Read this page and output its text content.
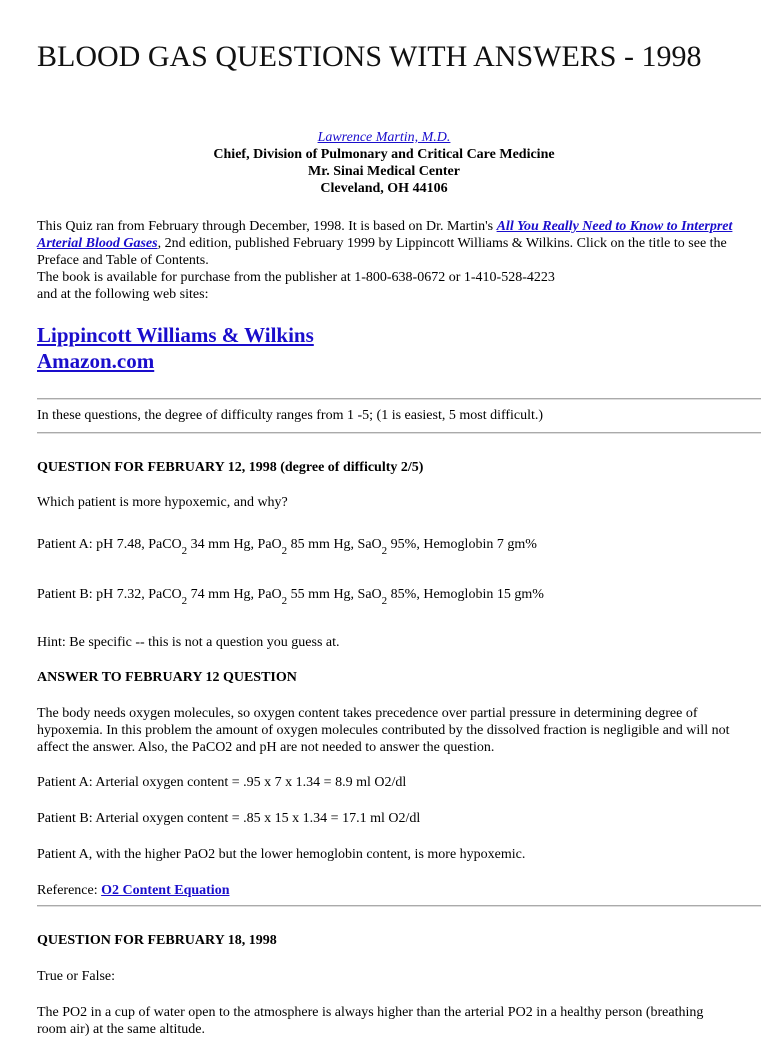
BLOOD GAS QUESTIONS WITH ANSWERS - 1998
Lawrence Martin, M.D.
Chief, Division of Pulmonary and Critical Care Medicine
Mr. Sinai Medical Center
Cleveland, OH 44106
This Quiz ran from February through December, 1998. It is based on Dr. Martin's All You Really Need to Know to Interpret Arterial Blood Gases, 2nd edition, published February 1999 by Lippincott Williams & Wilkins. Click on the title to see the Preface and Table of Contents.
The book is available for purchase from the publisher at 1-800-638-0672 or 1-410-528-4223
and at the following web sites:
Lippincott Williams & Wilkins
Amazon.com
In these questions, the degree of difficulty ranges from 1 -5; (1 is easiest, 5 most difficult.)
QUESTION FOR FEBRUARY 12, 1998 (degree of difficulty 2/5)
Which patient is more hypoxemic, and why?
Patient A: pH 7.48, PaCO$_2$ 34 mm Hg, PaO$_2$ 85 mm Hg, SaO$_2$ 95%, Hemoglobin 7 gm%
Patient B: pH 7.32, PaCO$_2$ 74 mm Hg, PaO$_2$ 55 mm Hg, SaO$_2$ 85%, Hemoglobin 15 gm%
Hint: Be specific -- this is not a question you guess at.
ANSWER TO FEBRUARY 12 QUESTION
The body needs oxygen molecules, so oxygen content takes precedence over partial pressure in determining degree of hypoxemia. In this problem the amount of oxygen molecules contributed by the dissolved fraction is negligible and will not affect the answer. Also, the PaCO2 and pH are not needed to answer the question.
Patient A: Arterial oxygen content = .95 x 7 x 1.34 = 8.9 ml O2/dl
Patient B: Arterial oxygen content = .85 x 15 x 1.34 = 17.1 ml O2/dl
Patient A, with the higher PaO2 but the lower hemoglobin content, is more hypoxemic.
Reference: O2 Content Equation
QUESTION FOR FEBRUARY 18, 1998
True or False:
The PO2 in a cup of water open to the atmosphere is always higher than the arterial PO2 in a healthy person (breathing room air) at the same altitude.
